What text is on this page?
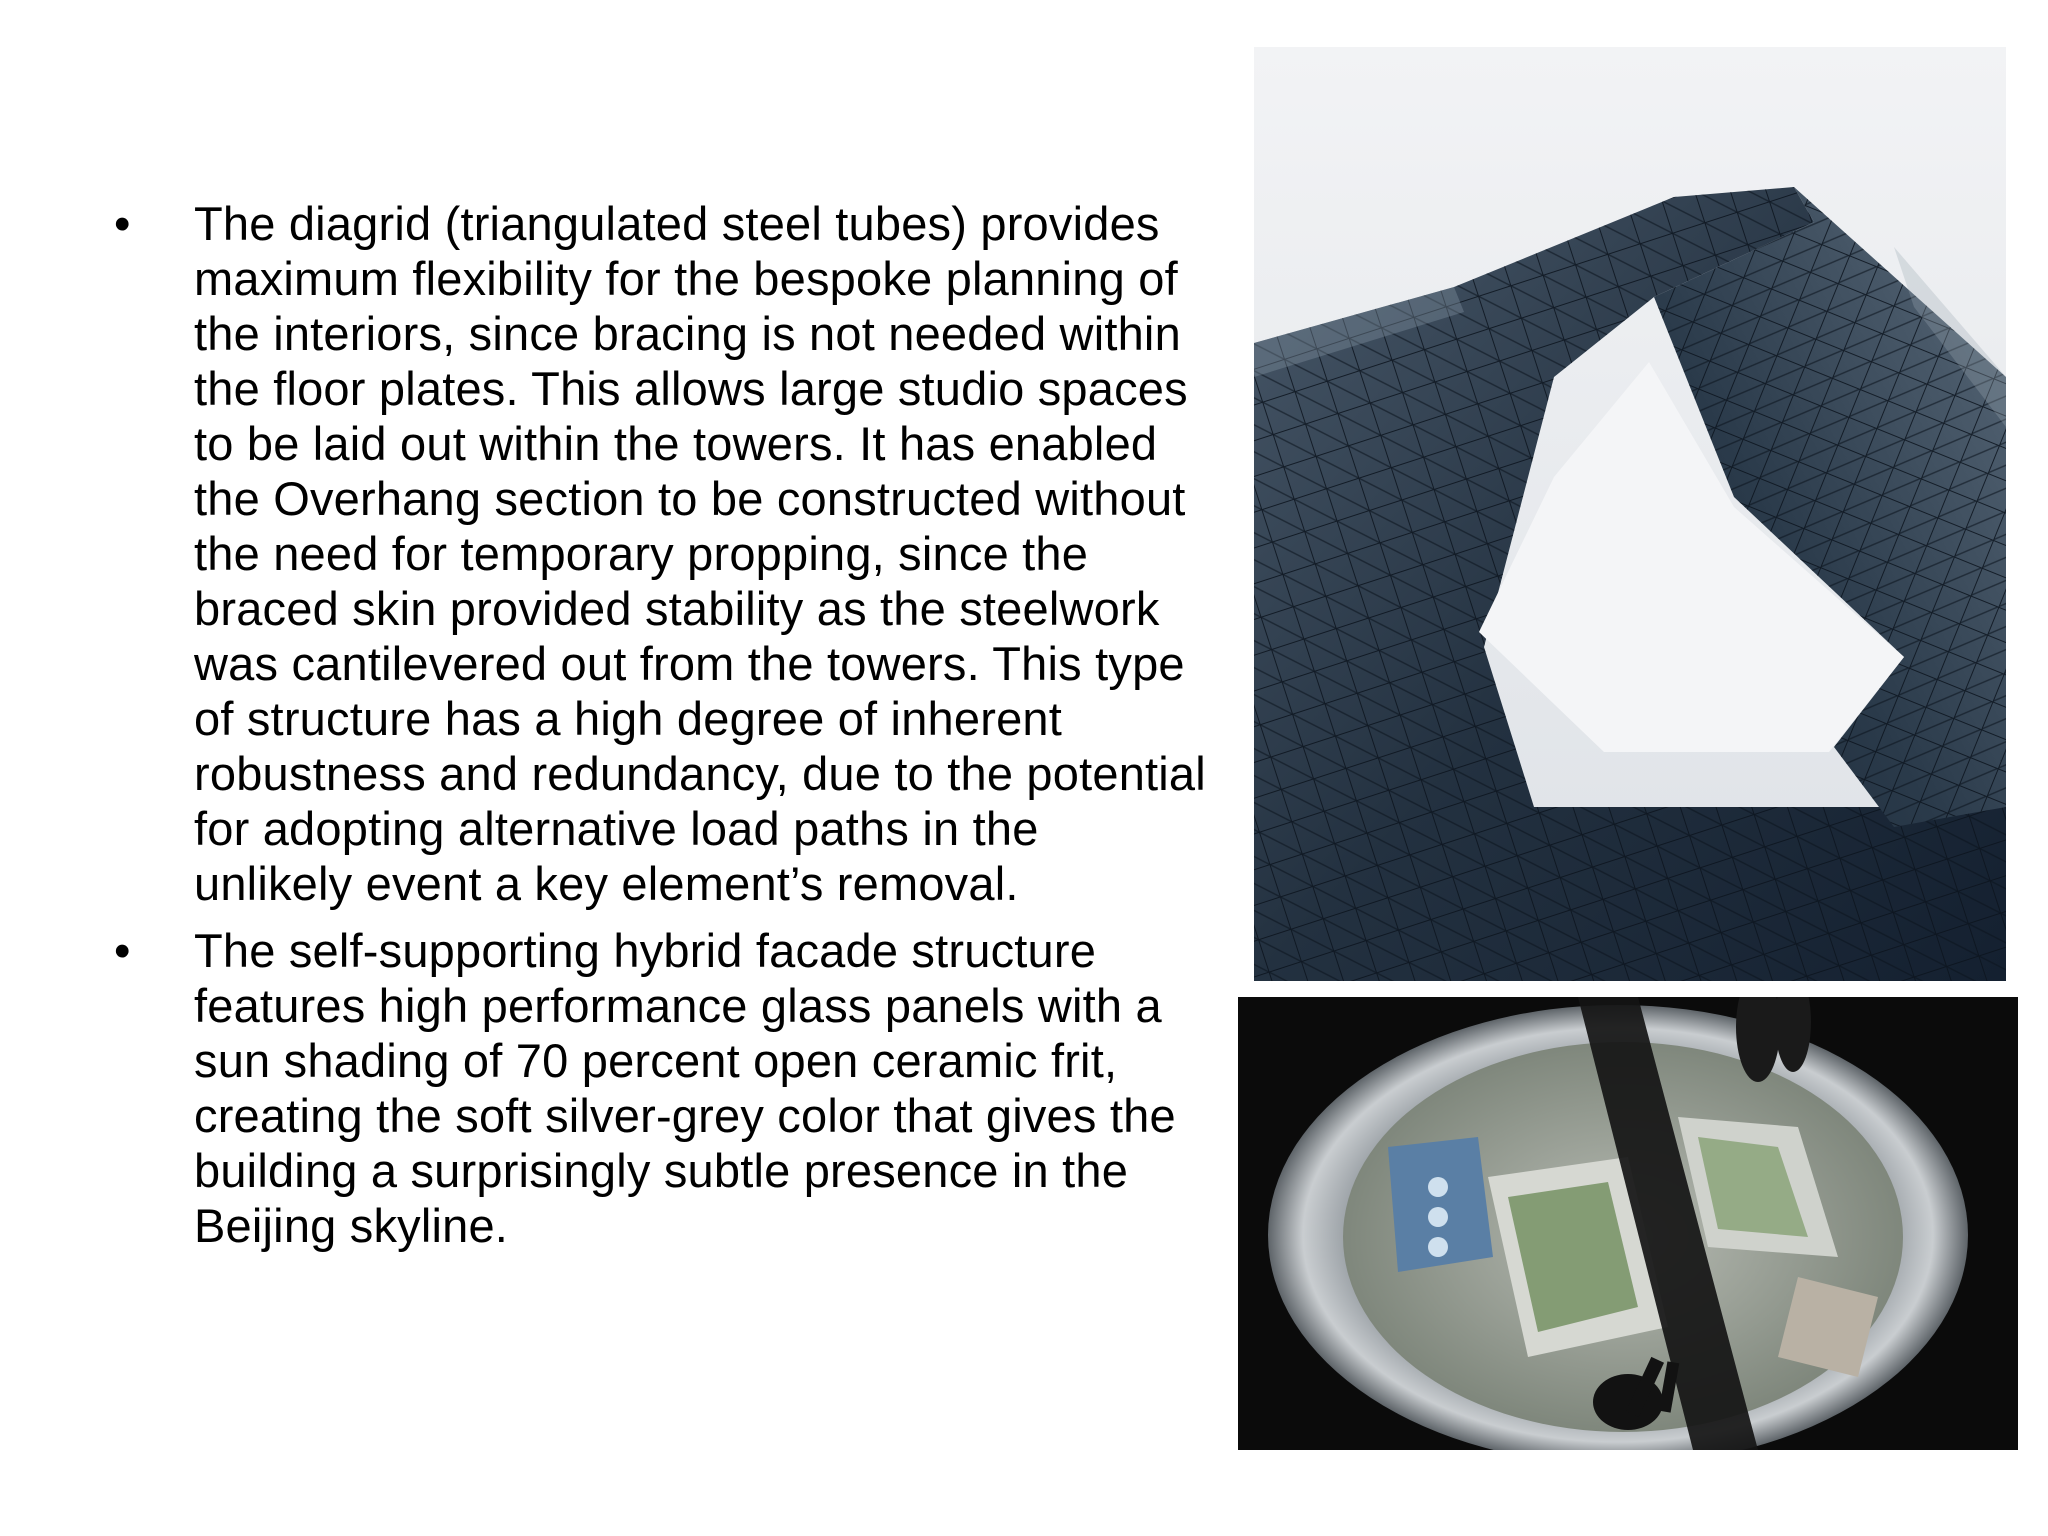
• The diagrid (triangulated steel tubes) provides maximum flexibility for the bespoke planning of the interiors, since bracing is not needed within the floor plates. This allows large studio spaces to be laid out within the towers. It has enabled the Overhang section to be constructed without the need for temporary propping, since the braced skin provided stability as the steelwork was cantilevered out from the towers. This type of structure has a high degree of inherent robustness and redundancy, due to the potential for adopting alternative load paths in the unlikely event a key element’s removal.
• The self-supporting hybrid facade structure features high performance glass panels with a sun shading of 70 percent open ceramic frit, creating the soft silver-grey color that gives the building a surprisingly subtle presence in the Beijing skyline.
